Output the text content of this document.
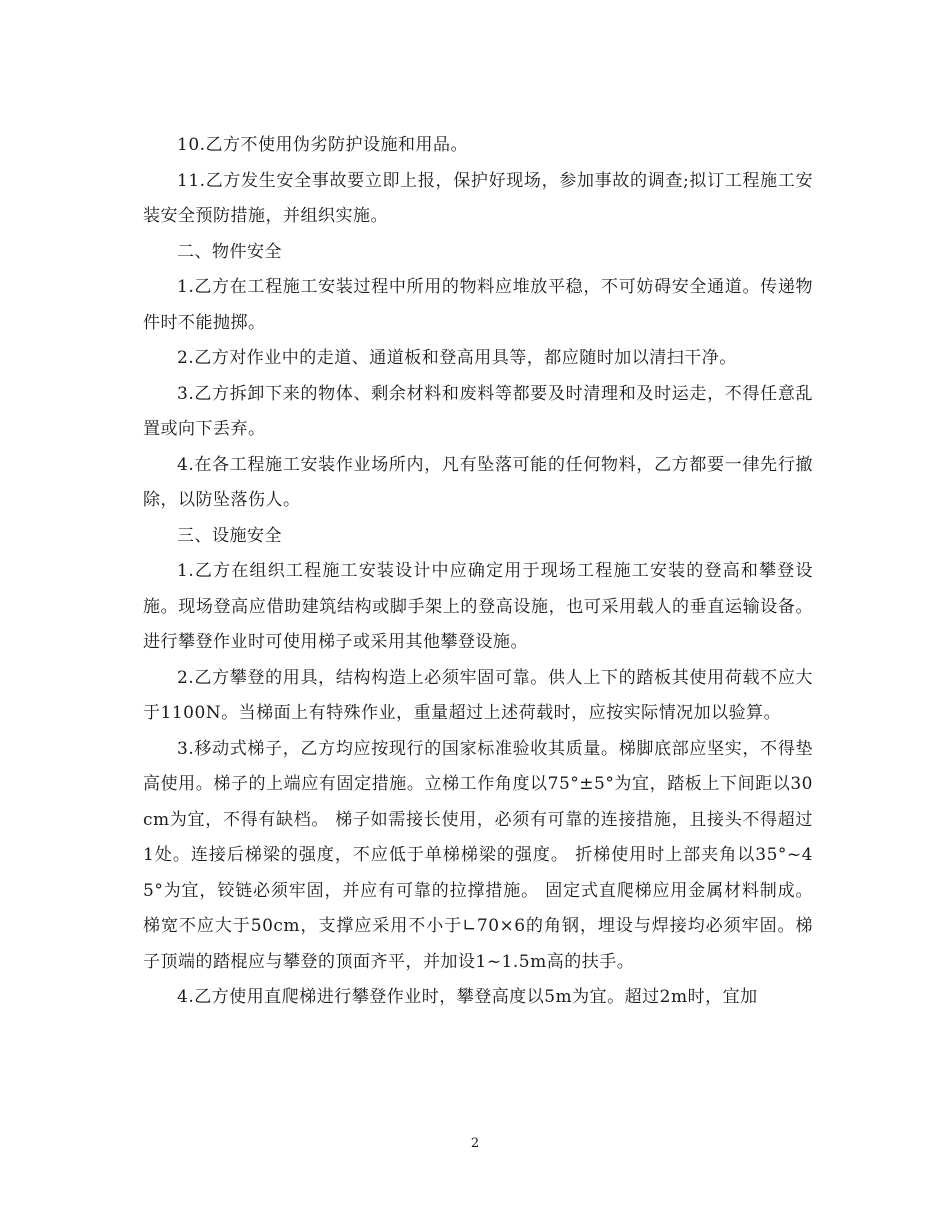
10.乙方不使用伪劣防护设施和用品。

11.乙方发生安全事故要立即上报，保护好现场，参加事故的调查;拟订工程施工安装安全预防措施，并组织实施。

二、物件安全

1.乙方在工程施工安装过程中所用的物料应堆放平稳，不可妨碍安全通道。传递物件时不能抛掷。

2.乙方对作业中的走道、通道板和登高用具等，都应随时加以清扫干净。

3.乙方拆卸下来的物体、剩余材料和废料等都要及时清理和及时运走，不得任意乱置或向下丢弃。

4.在各工程施工安装作业场所内，凡有坠落可能的任何物料，乙方都要一律先行撤除，以防坠落伤人。

三、设施安全

1.乙方在组织工程施工安装设计中应确定用于现场工程施工安装的登高和攀登设施。现场登高应借助建筑结构或脚手架上的登高设施，也可采用载人的垂直运输设备。进行攀登作业时可使用梯子或采用其他攀登设施。

2.乙方攀登的用具，结构构造上必须牢固可靠。供人上下的踏板其使用荷载不应大于1100N。当梯面上有特殊作业，重量超过上述荷载时，应按实际情况加以验算。

3.移动式梯子，乙方均应按现行的国家标准验收其质量。梯脚底部应坚实，不得垫高使用。梯子的上端应有固定措施。立梯工作角度以75°±5°为宜，踏板上下间距以30cm为宜，不得有缺档。 梯子如需接长使用，必须有可靠的连接措施，且接头不得超过1处。连接后梯梁的强度，不应低于单梯梯梁的强度。 折梯使用时上部夹角以35°~45°为宜，铰链必须牢固，并应有可靠的拉撑措施。 固定式直爬梯应用金属材料制成。梯宽不应大于50cm，支撑应采用不小于∟70×6的角钢，埋设与焊接均必须牢固。梯子顶端的踏棍应与攀登的顶面齐平，并加设1~1.5m高的扶手。

4.乙方使用直爬梯进行攀登作业时，攀登高度以5m为宜。超过2m时，宜加

2
